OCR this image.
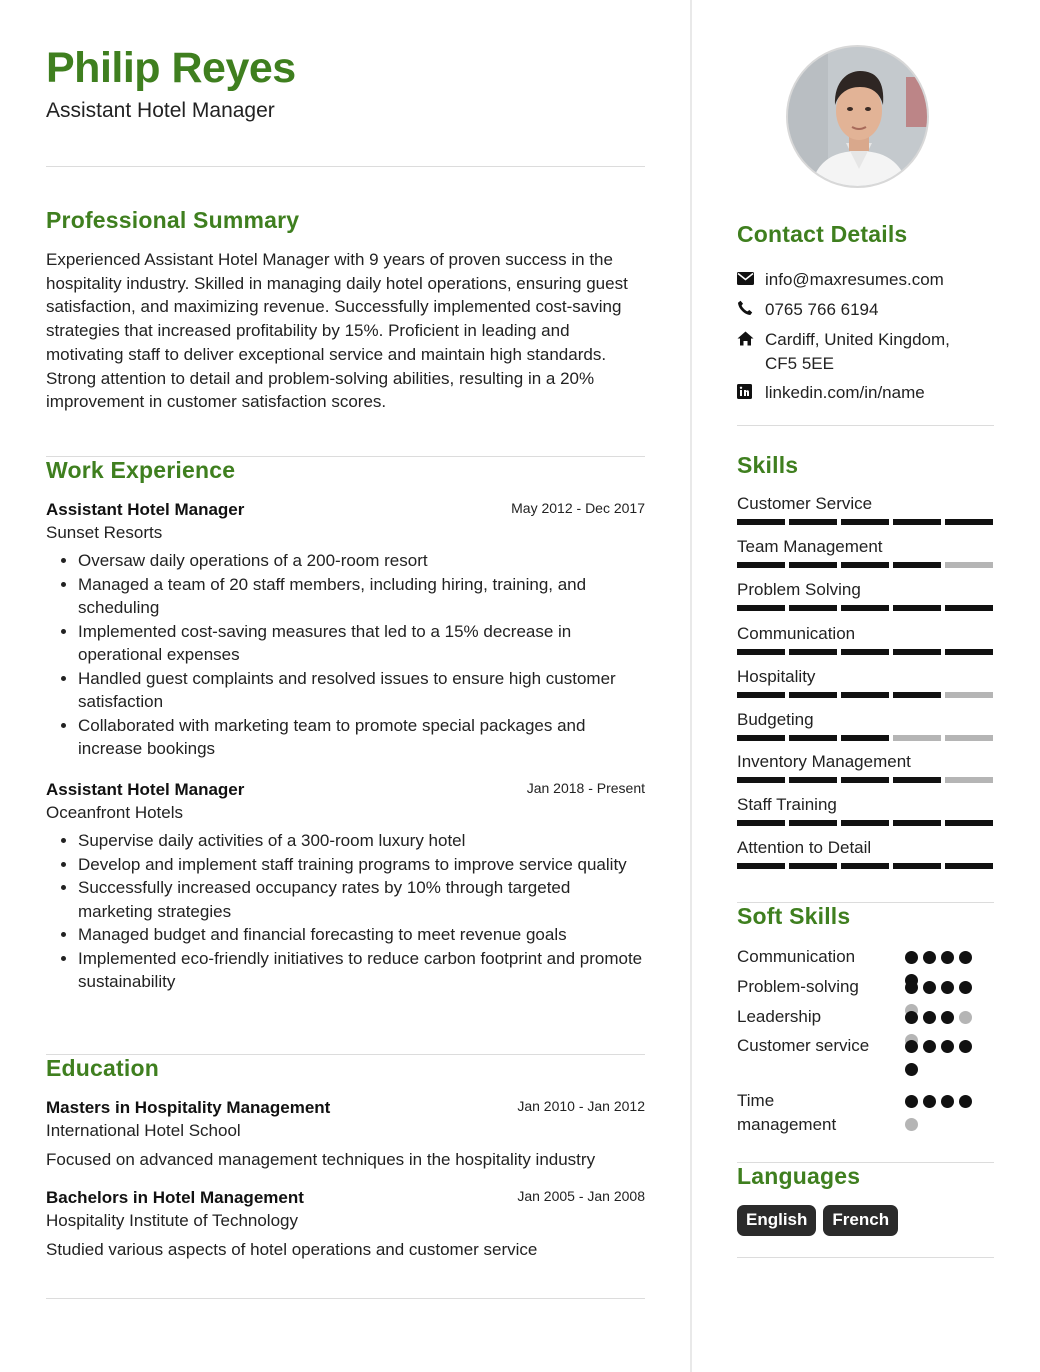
Philip Reyes
Assistant Hotel Manager
Professional Summary
Experienced Assistant Hotel Manager with 9 years of proven success in the hospitality industry. Skilled in managing daily hotel operations, ensuring guest satisfaction, and maximizing revenue. Successfully implemented cost-saving strategies that increased profitability by 15%. Proficient in leading and motivating staff to deliver exceptional service and maintain high standards. Strong attention to detail and problem-solving abilities, resulting in a 20% improvement in customer satisfaction scores.
Work Experience
Assistant Hotel Manager	May 2012 - Dec 2017
Sunset Resorts
• Oversaw daily operations of a 200-room resort
• Managed a team of 20 staff members, including hiring, training, and scheduling
• Implemented cost-saving measures that led to a 15% decrease in operational expenses
• Handled guest complaints and resolved issues to ensure high customer satisfaction
• Collaborated with marketing team to promote special packages and increase bookings
Assistant Hotel Manager	Jan 2018 - Present
Oceanfront Hotels
• Supervise daily activities of a 300-room luxury hotel
• Develop and implement staff training programs to improve service quality
• Successfully increased occupancy rates by 10% through targeted marketing strategies
• Managed budget and financial forecasting to meet revenue goals
• Implemented eco-friendly initiatives to reduce carbon footprint and promote sustainability
Education
Masters in Hospitality Management	Jan 2010 - Jan 2012
International Hotel School
Focused on advanced management techniques in the hospitality industry
Bachelors in Hotel Management	Jan 2005 - Jan 2008
Hospitality Institute of Technology
Studied various aspects of hotel operations and customer service
Contact Details
info@maxresumes.com
0765 766 6194
Cardiff, United Kingdom,
CF5 5EE
linkedin.com/in/name
Skills
Customer Service
Team Management
Problem Solving
Communication
Hospitality
Budgeting
Inventory Management
Staff Training
Attention to Detail
Soft Skills
Communication
Problem-solving
Leadership
Customer service
Time management
Languages
English	French
